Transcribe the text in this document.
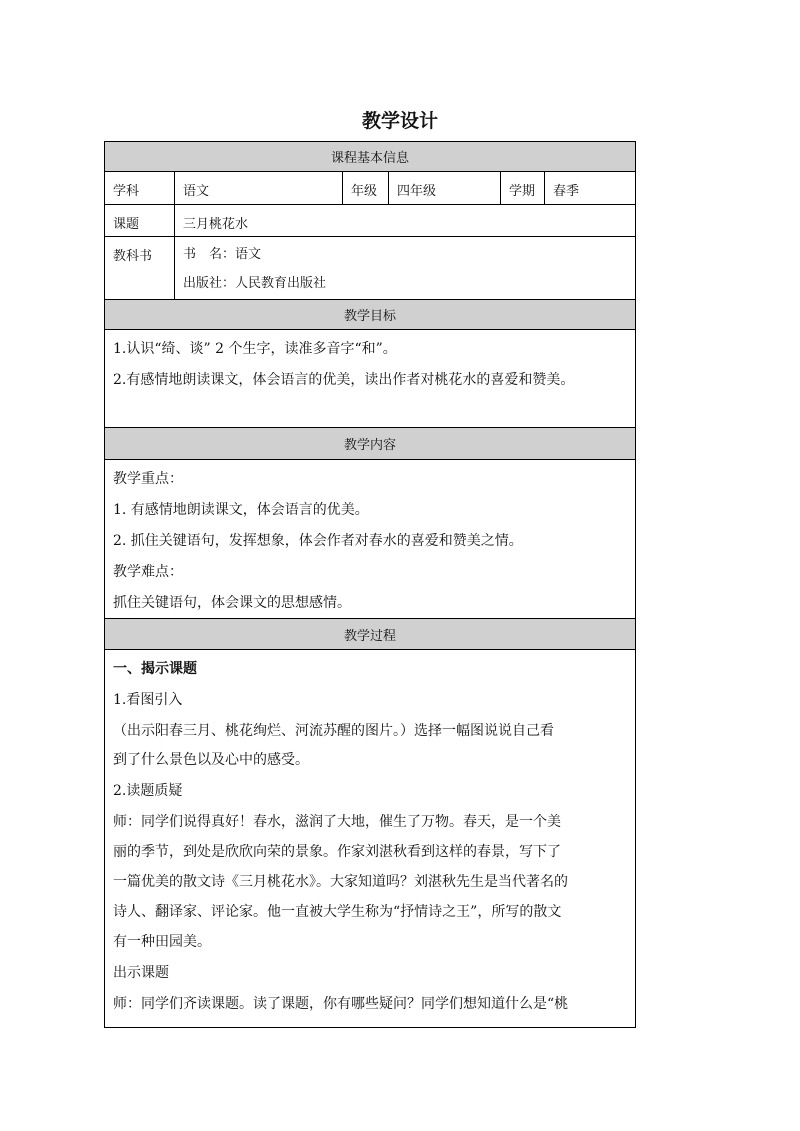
教学设计
课程基本信息
学科	语文	年级	四年级	学期	春季
课题	三月桃花水
教科书	书　名：语文
出版社：人民教育出版社
教学目标
1.认识“绮、谈” 2 个生字，读准多音字“和”。
2.有感情地朗读课文，体会语言的优美，读出作者对桃花水的喜爱和赞美。
教学内容
教学重点：
1. 有感情地朗读课文，体会语言的优美。
2. 抓住关键语句，发挥想象，体会作者对春水的喜爱和赞美之情。
教学难点：
抓住关键语句，体会课文的思想感情。
教学过程
一、揭示课题
1.看图引入
（出示阳春三月、桃花绚烂、河流苏醒的图片。）选择一幅图说说自己看
到了什么景色以及心中的感受。
2.读题质疑
师：同学们说得真好！春水，滋润了大地，催生了万物。春天，是一个美
丽的季节，到处是欣欣向荣的景象。作家刘湛秋看到这样的春景，写下了
一篇优美的散文诗《三月桃花水》。大家知道吗？刘湛秋先生是当代著名的
诗人、翻译家、评论家。他一直被大学生称为“抒情诗之王”，所写的散文
有一种田园美。
出示课题
师：同学们齐读课题。读了课题，你有哪些疑问？同学们想知道什么是“桃
